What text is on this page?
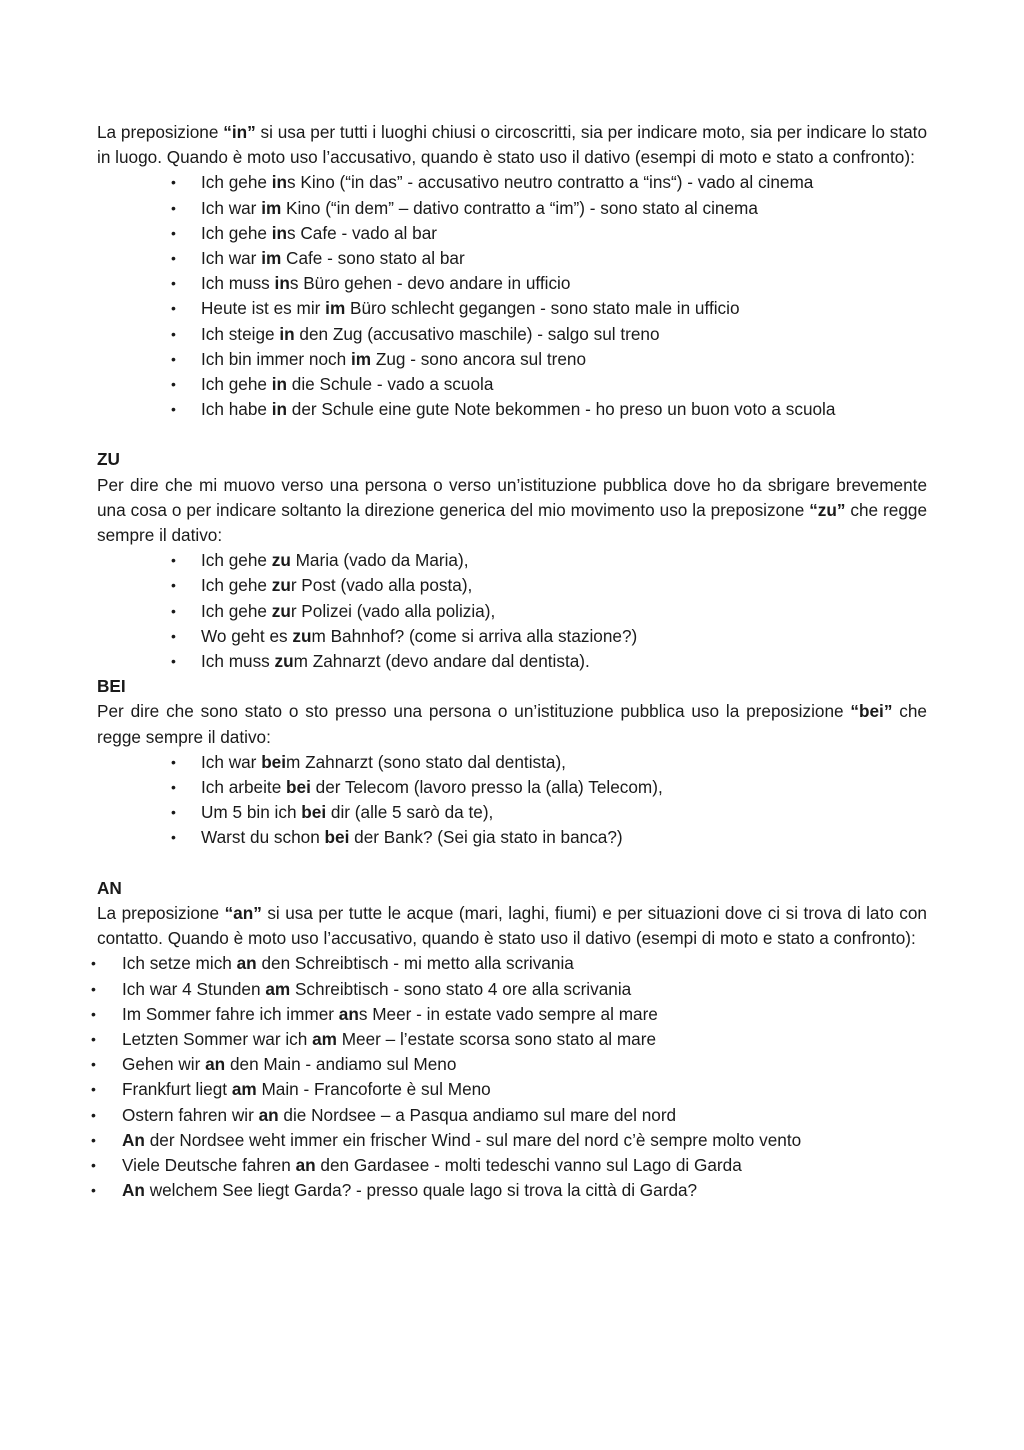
La preposizione “in” si usa per tutti i luoghi chiusi o circoscritti, sia per indicare moto, sia per indicare lo stato in luogo. Quando è moto uso l’accusativo, quando è stato uso il dativo (esempi di moto e stato a confronto):

• Ich gehe ins Kino (“in das” - accusativo neutro contratto a “ins“) - vado al cinema
• Ich war im Kino (“in dem” – dativo contratto a “im”) - sono stato al cinema
• Ich gehe ins Cafe - vado al bar
• Ich war im Cafe - sono stato al bar
• Ich muss ins Büro gehen - devo andare in ufficio
• Heute ist es mir im Büro schlecht gegangen - sono stato male in ufficio
• Ich steige in den Zug (accusativo maschile) - salgo sul treno
• Ich bin immer noch im Zug - sono ancora sul treno
• Ich gehe in die Schule - vado a scuola
• Ich habe in der Schule eine gute Note bekommen - ho preso un buon voto a scuola
ZU

Per dire che mi muovo verso una persona o verso un’istituzione pubblica dove ho da sbrigare brevemente una cosa o per indicare soltanto la direzione generica del mio movimento uso la preposizone “zu” che regge sempre il dativo:

• Ich gehe zu Maria (vado da Maria),
• Ich gehe zur Post (vado alla posta),
• Ich gehe zur Polizei (vado alla polizia),
• Wo geht es zum Bahnhof? (come si arriva alla stazione?)
• Ich muss zum Zahnarzt (devo andare dal dentista).
BEI

Per dire che sono stato o sto presso una persona o un’istituzione pubblica uso la preposizione “bei” che regge sempre il dativo:

• Ich war beim Zahnarzt (sono stato dal dentista),
• Ich arbeite bei der Telecom (lavoro presso la (alla) Telecom),
• Um 5 bin ich bei dir (alle 5 sarò da te),
• Warst du schon bei der Bank? (Sei gia stato in banca?)
AN

La preposizione “an” si usa per tutte le acque (mari, laghi, fiumi) e per situazioni dove ci si trova di lato con contatto. Quando è moto uso l’accusativo, quando è stato uso il dativo (esempi di moto e stato a confronto):

• Ich setze mich an den Schreibtisch - mi metto alla scrivania
• Ich war 4 Stunden am Schreibtisch - sono stato 4 ore alla scrivania
• Im Sommer fahre ich immer ans Meer - in estate vado sempre al mare
• Letzten Sommer war ich am Meer – l’estate scorsa sono stato al mare
• Gehen wir an den Main - andiamo sul Meno
• Frankfurt liegt am Main - Francoforte è sul Meno
• Ostern fahren wir an die Nordsee – a Pasqua andiamo sul mare del nord
• An der Nordsee weht immer ein frischer Wind - sul mare del nord c’è sempre molto vento
• Viele Deutsche fahren an den Gardasee - molti tedeschi vanno sul Lago di Garda
• An welchem See liegt Garda? - presso quale lago si trova la città di Garda?
